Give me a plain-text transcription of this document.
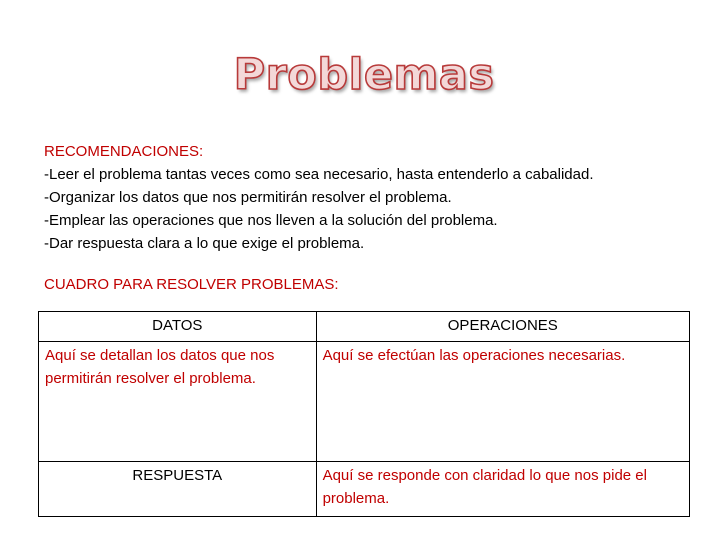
Problemas
RECOMENDACIONES:
-Leer el problema tantas veces como sea necesario, hasta entenderlo a cabalidad.
-Organizar los datos que nos permitirán resolver el problema.
-Emplear las operaciones que nos lleven a la solución del problema.
-Dar respuesta clara a lo que exige el problema.
CUADRO PARA RESOLVER PROBLEMAS:
DATOS	OPERACIONES
Aquí se detallan los datos que nos permitirán resolver el problema.	Aquí se efectúan las operaciones necesarias.
RESPUESTA	Aquí se responde con claridad lo que nos pide el problema.
